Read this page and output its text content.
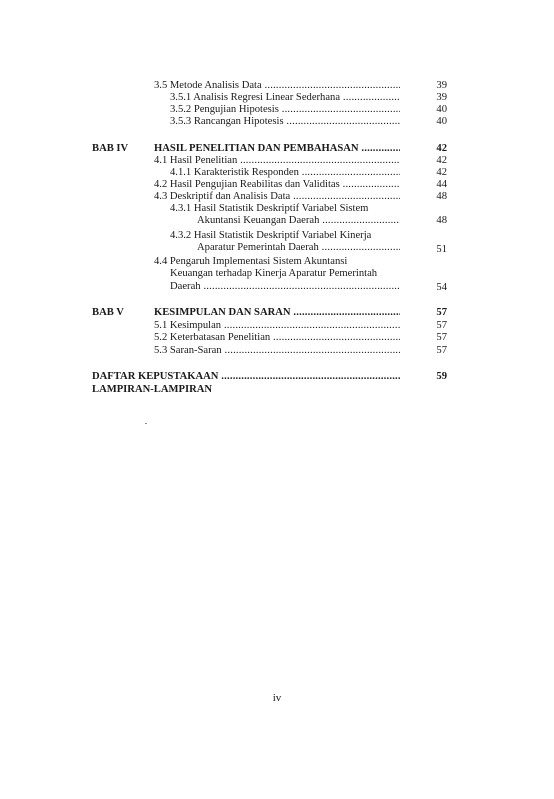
3.5 Metode Analisis Data .....	39
3.5.1 Analisis Regresi Linear Sederhana .....	39
3.5.2 Pengujian Hipotesis .....	40
3.5.3 Rancangan Hipotesis .....	40
BAB IV HASIL PENELITIAN DAN PEMBAHASAN .....	42
4.1 Hasil Penelitian .....	42
4.1.1 Karakteristik Responden .....	42
4.2 Hasil Pengujian Reabilitas dan Validitas .....	44
4.3 Deskriptif dan Analisis Data .....	48
4.3.1 Hasil Statistik Deskriptif Variabel Sistem
Akuntansi Keuangan Daerah .....	48
4.3.2 Hasil Statistik Deskriptif Variabel Kinerja
Aparatur Pemerintah Daerah .....	51
4.4 Pengaruh Implementasi Sistem Akuntansi
Keuangan terhadap Kinerja Aparatur Pemerintah
Daerah .....	54
BAB V	KESIMPULAN DAN SARAN .....	57
5.1 Kesimpulan .....	57
5.2 Keterbatasan Penelitian .....	57
5.3 Saran-Saran .....	57
DAFTAR KEPUSTAKAAN .....	59
LAMPIRAN-LAMPIRAN
iv
